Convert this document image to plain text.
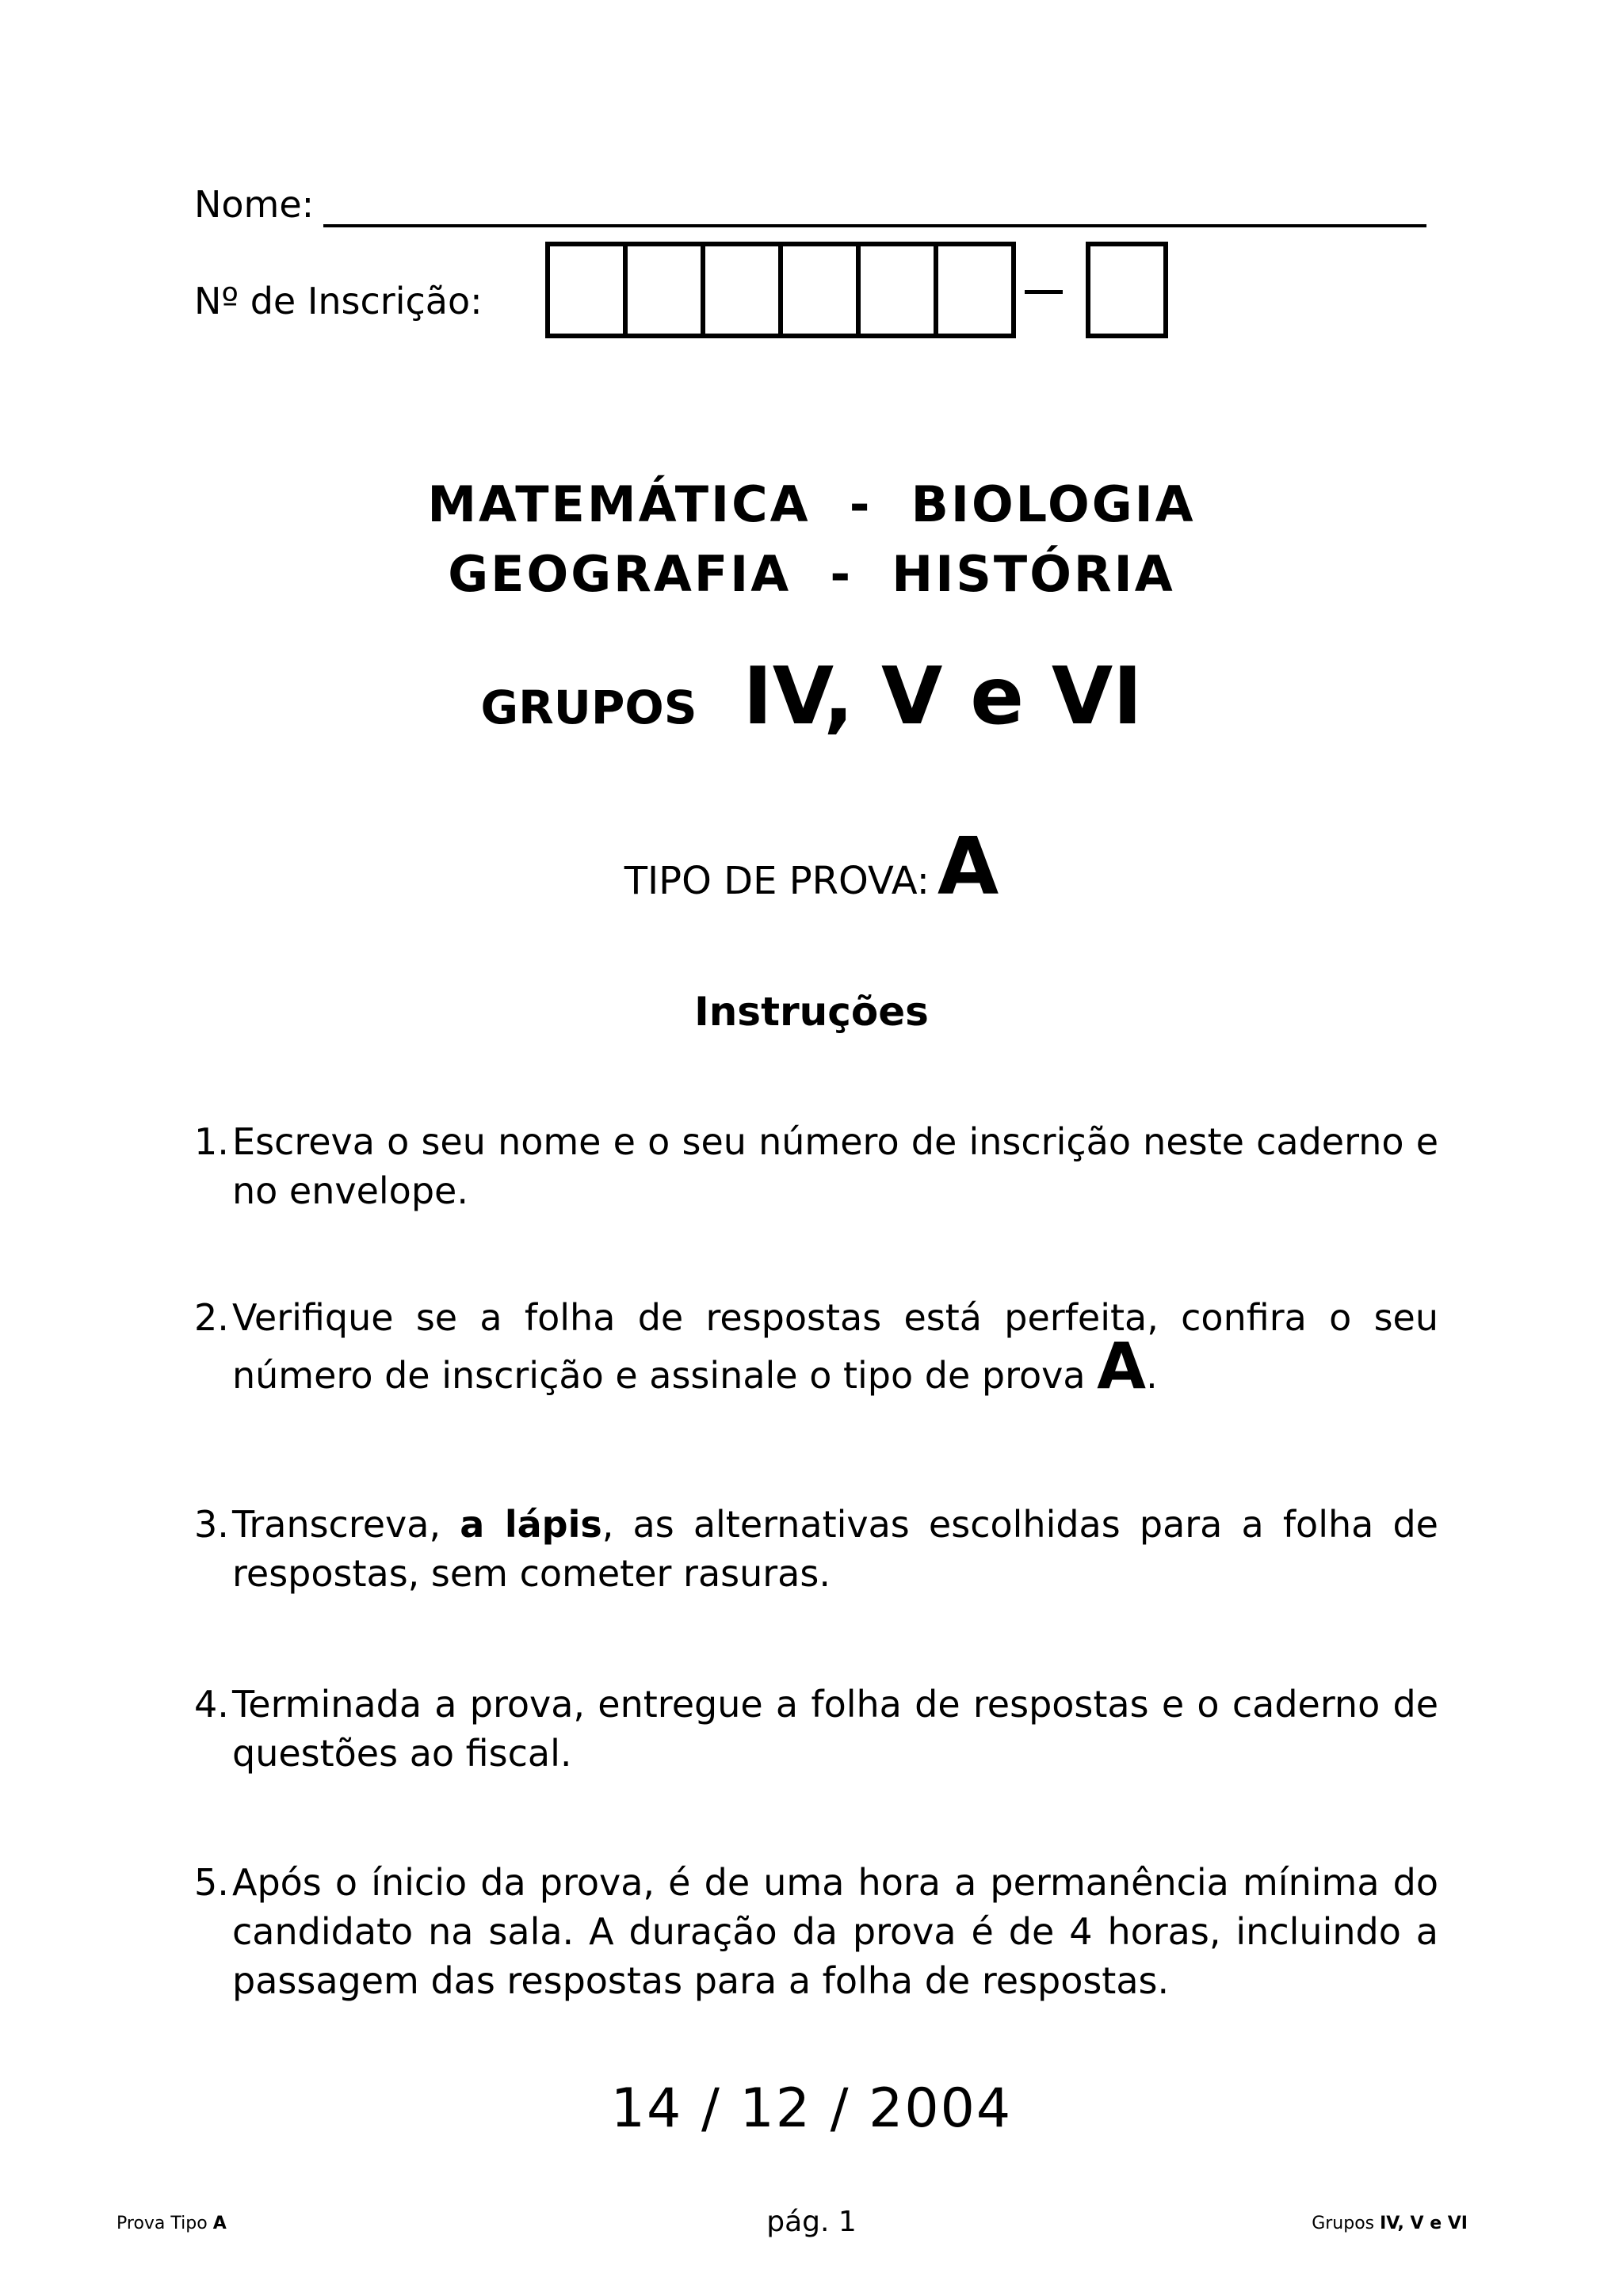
Nome:
Nº de Inscrição:
MATEMÁTICA  -  BIOLOGIA
GEOGRAFIA  -  HISTÓRIA
GRUPOS IV, V e VI
TIPO DE PROVA: A
Instruções
1. Escreva o seu nome e o seu número de inscrição neste caderno e no envelope.
2. Verifique se a folha de respostas está perfeita, confira o seu número de inscrição e assinale o tipo de prova A.
3. Transcreva, a lápis, as alternativas escolhidas para a folha de respostas, sem cometer rasuras.
4. Terminada a prova, entregue a folha de respostas e o caderno de questões ao fiscal.
5. Após o ínicio da prova, é de uma hora a permanência mínima do candidato na sala. A duração da prova é de 4 horas, incluindo a passagem das respostas para a folha de respostas.
14 / 12 / 2004
Prova Tipo A	pág. 1	Grupos IV, V e VI
